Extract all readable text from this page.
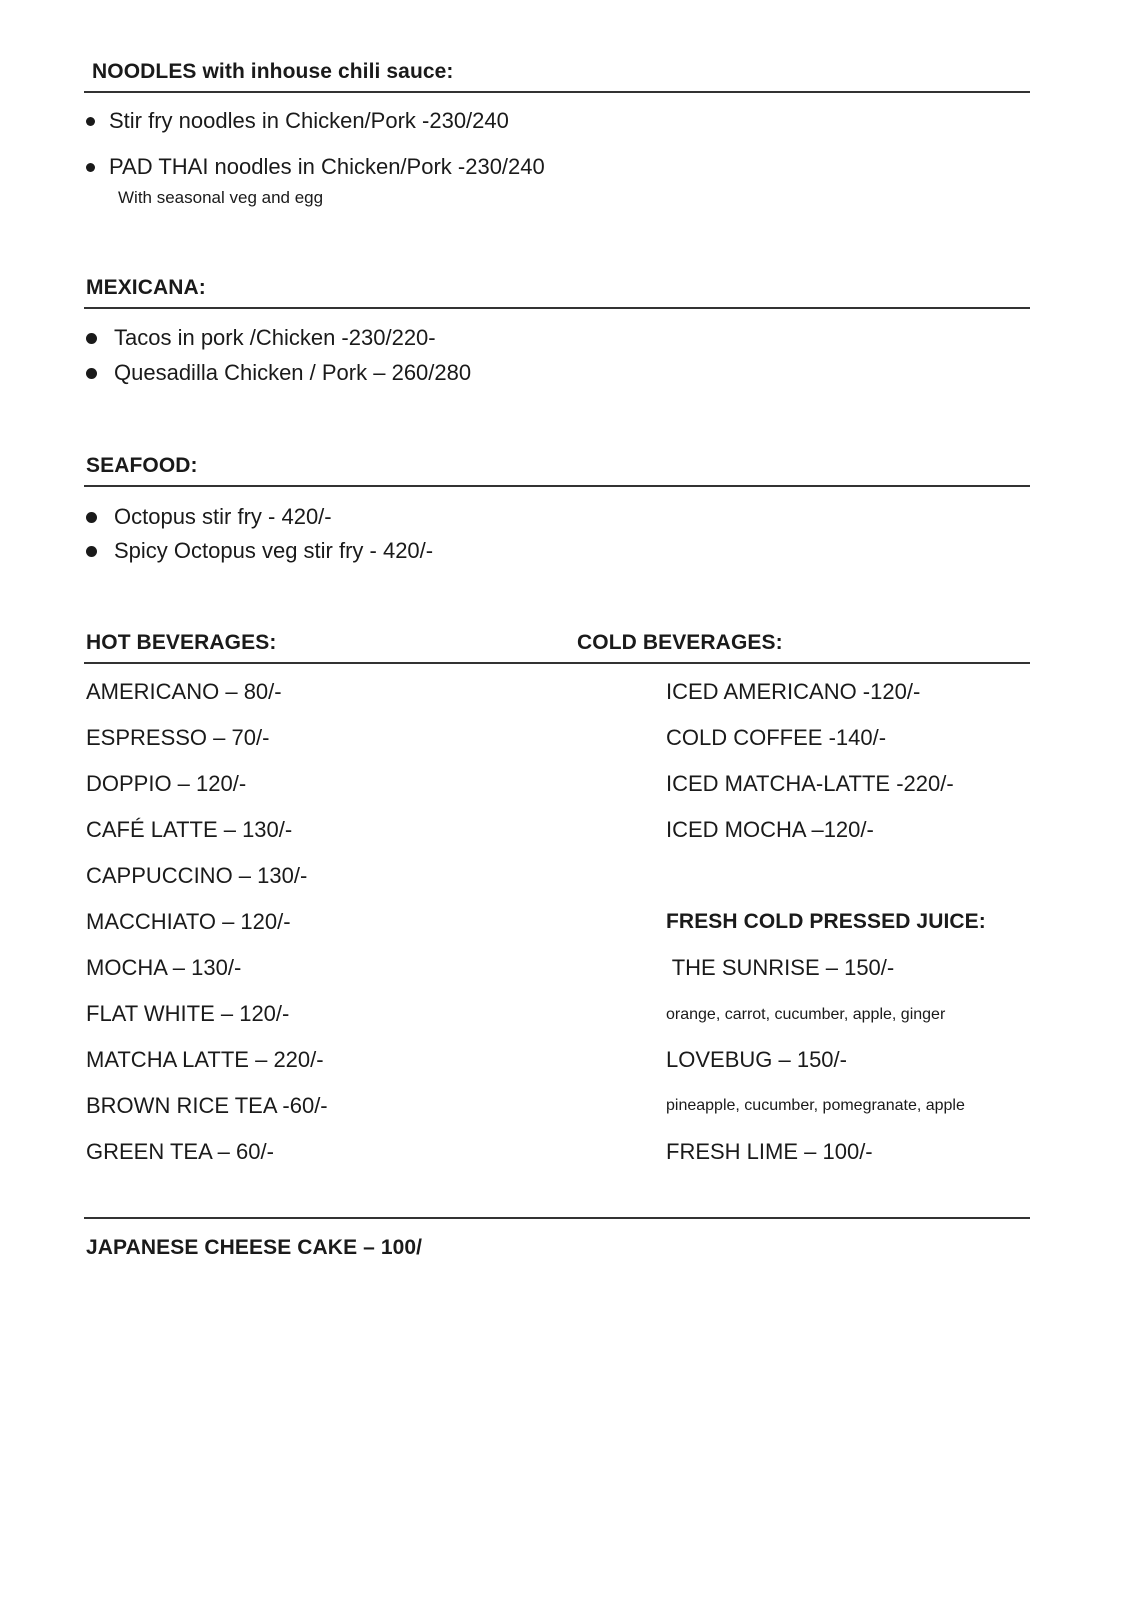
NOODLES with inhouse chili sauce:
Stir fry noodles in Chicken/Pork -230/240
PAD THAI noodles in Chicken/Pork -230/240
With seasonal veg and egg
MEXICANA:
Tacos in pork /Chicken -230/220-
Quesadilla Chicken / Pork – 260/280
SEAFOOD:
Octopus stir fry - 420/-
Spicy Octopus veg stir fry - 420/-
HOT BEVERAGES:	COLD BEVERAGES:
AMERICANO – 80/-
ESPRESSO – 70/-
DOPPIO – 120/-
CAFÉ LATTE – 130/-
CAPPUCCINO – 130/-
MACCHIATO – 120/-
MOCHA – 130/-
FLAT WHITE – 120/-
MATCHA LATTE – 220/-
BROWN RICE TEA -60/-
GREEN TEA – 60/-
ICED AMERICANO -120/-
COLD COFFEE -140/-
ICED MATCHA-LATTE -220/-
ICED MOCHA –120/-
FRESH COLD PRESSED JUICE:
THE SUNRISE – 150/-
orange, carrot, cucumber, apple, ginger
LOVEBUG – 150/-
pineapple, cucumber, pomegranate, apple
FRESH LIME – 100/-
JAPANESE CHEESE CAKE – 100/
